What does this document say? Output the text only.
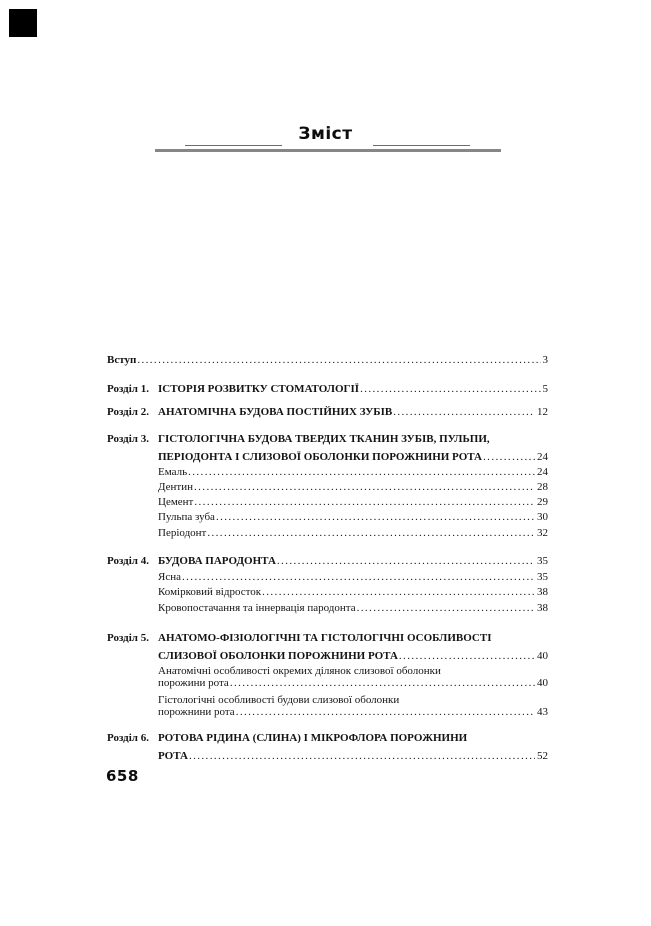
Зміст
Вступ .....	3
Розділ 1. ІСТОРІЯ РОЗВИТКУ СТОМАТОЛОГІЇ .....	5
Розділ 2. АНАТОМІЧНА БУДОВА ПОСТІЙНИХ ЗУБІВ .....	12
Розділ 3. ГІСТОЛОГІЧНА БУДОВА ТВЕРДИХ ТКАНИН ЗУБІВ, ПУЛЬПИ,
ПЕРІОДОНТА І СЛИЗОВОЇ ОБОЛОНКИ ПОРОЖНИНИ РОТА .....	24
Емаль .....	24
Дентин .....	28
Цемент .....	29
Пульпа зуба .....	30
Періодонт .....	32
Розділ 4. БУДОВА ПАРОДОНТА .....	35
Ясна .....	35
Комірковий відросток .....	38
Кровопостачання та іннервація пародонта .....	38
Розділ 5. АНАТОМО-ФІЗІОЛОГІЧНІ ТА ГІСТОЛОГІЧНІ ОСОБЛИВОСТІ
СЛИЗОВОЇ ОБОЛОНКИ ПОРОЖНИНИ РОТА .....	40
Анатомічні особливості окремих ділянок слизової оболонки
порожини рота .....	40
Гістологічні особливості будови слизової оболонки
порожнини рота .....	43
Розділ 6. РОТОВА РІДИНА (СЛИНА) І МІКРОФЛОРА ПОРОЖНИНИ
РОТА .....	52
658
